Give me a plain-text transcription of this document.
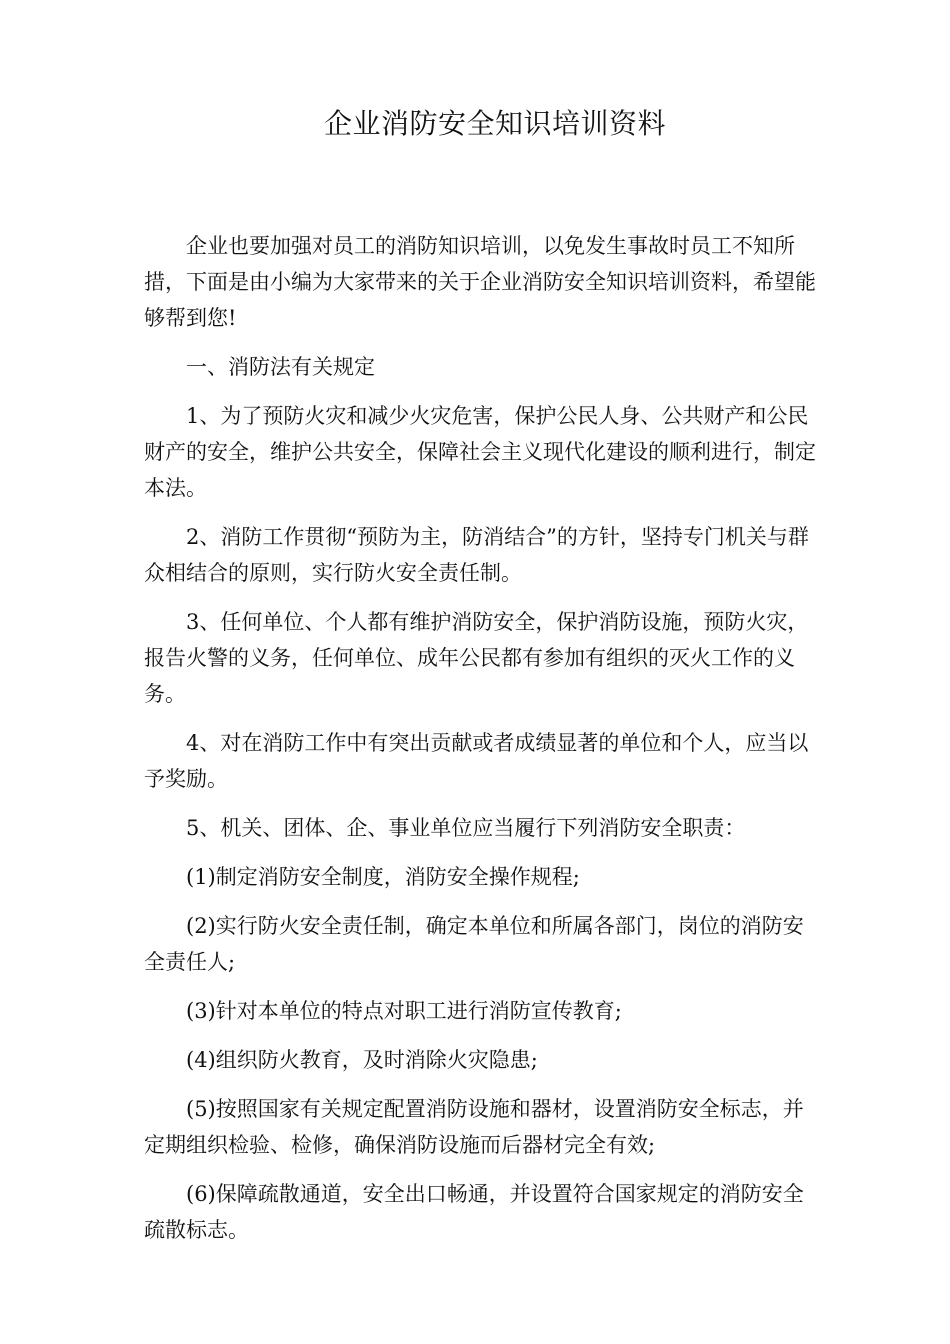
企业消防安全知识培训资料

企业也要加强对员工的消防知识培训，以免发生事故时员工不知所措，下面是由小编为大家带来的关于企业消防安全知识培训资料，希望能够帮到您!

一、消防法有关规定

1、为了预防火灾和减少火灾危害，保护公民人身、公共财产和公民财产的安全，维护公共安全，保障社会主义现代化建设的顺利进行，制定本法。

2、消防工作贯彻“预防为主，防消结合”的方针，坚持专门机关与群众相结合的原则，实行防火安全责任制。

3、任何单位、个人都有维护消防安全，保护消防设施，预防火灾，报告火警的义务，任何单位、成年公民都有参加有组织的灭火工作的义务。

4、对在消防工作中有突出贡献或者成绩显著的单位和个人，应当以予奖励。

5、机关、团体、企、事业单位应当履行下列消防安全职责：

(1)制定消防安全制度，消防安全操作规程;

(2)实行防火安全责任制，确定本单位和所属各部门，岗位的消防安全责任人;

(3)针对本单位的特点对职工进行消防宣传教育;

(4)组织防火教育，及时消除火灾隐患;

(5)按照国家有关规定配置消防设施和器材，设置消防安全标志，并定期组织检验、检修，确保消防设施而后器材完全有效;

(6)保障疏散通道，安全出口畅通，并设置符合国家规定的消防安全疏散标志。
